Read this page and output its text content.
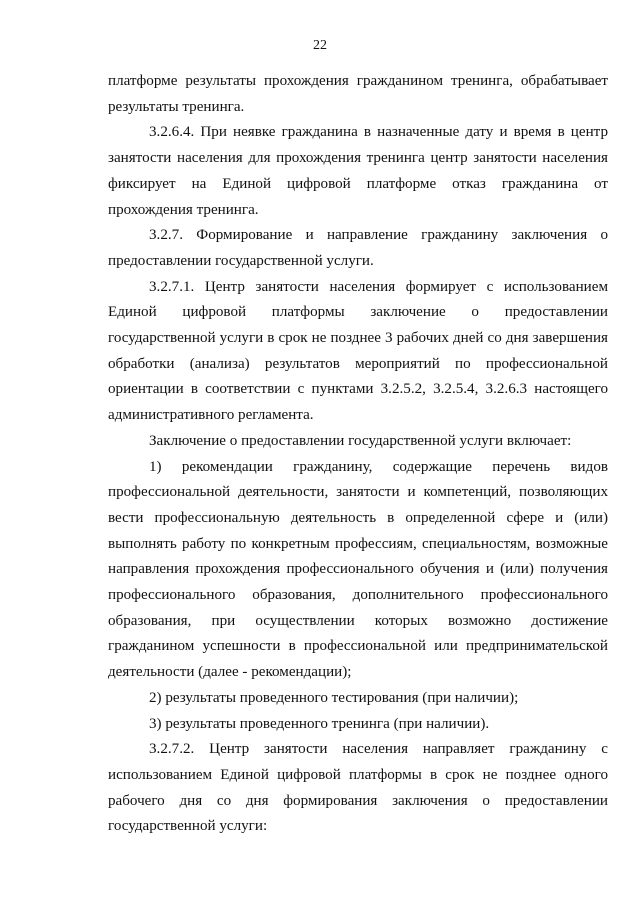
22

платформе результаты прохождения гражданином тренинга, обрабатывает результаты тренинга.

3.2.6.4. При неявке гражданина в назначенные дату и время в центр занятости населения для прохождения тренинга центр занятости населения фиксирует на Единой цифровой платформе отказ гражданина от прохождения тренинга.

3.2.7. Формирование и направление гражданину заключения о предоставлении государственной услуги.

3.2.7.1. Центр занятости населения формирует с использованием Единой цифровой платформы заключение о предоставлении государственной услуги в срок не позднее 3 рабочих дней со дня завершения обработки (анализа) результатов мероприятий по профессиональной ориентации в соответствии с пунктами 3.2.5.2, 3.2.5.4, 3.2.6.3 настоящего административного регламента.

Заключение о предоставлении государственной услуги включает:

1) рекомендации гражданину, содержащие перечень видов профессиональной деятельности, занятости и компетенций, позволяющих вести профессиональную деятельность в определенной сфере и (или) выполнять работу по конкретным профессиям, специальностям, возможные направления прохождения профессионального обучения и (или) получения профессионального образования, дополнительного профессионального образования, при осуществлении которых возможно достижение гражданином успешности в профессиональной или предпринимательской деятельности (далее - рекомендации);

2) результаты проведенного тестирования (при наличии);

3) результаты проведенного тренинга (при наличии).

3.2.7.2. Центр занятости населения направляет гражданину с использованием Единой цифровой платформы в срок не позднее одного рабочего дня со дня формирования заключения о предоставлении государственной услуги:
